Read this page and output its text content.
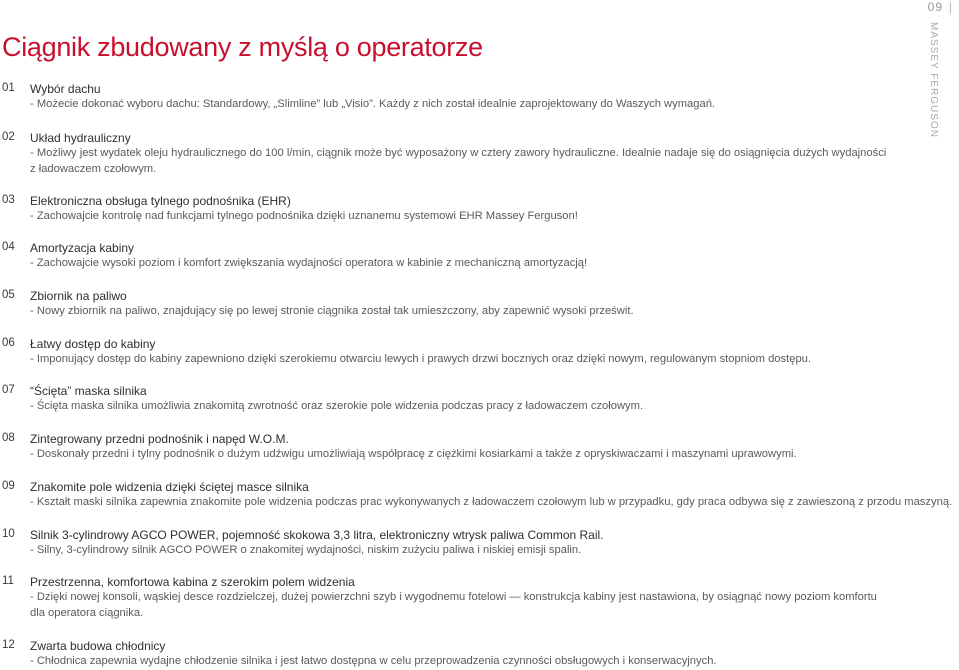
09
MASSEY FERGUSON
Ciągnik zbudowany z myślą o operatorze
01 Wybór dachu
- Możecie dokonać wyboru dachu: Standardowy, „Slimline” lub „Visio”. Każdy z nich został idealnie zaprojektowany do Waszych wymagań.
02 Układ hydrauliczny
- Możliwy jest wydatek oleju hydraulicznego do 100 l/min, ciągnik może być wyposażony w cztery zawory hydrauliczne. Idealnie nadaje się do osiągnięcia dużych wydajności z ładowaczem czołowym.
03 Elektroniczna obsługa tylnego podnośnika (EHR)
- Zachowajcie kontrolę nad funkcjami tylnego podnośnika dzięki uznanemu systemowi EHR Massey Ferguson!
04 Amortyzacja kabiny
- Zachowajcie wysoki poziom i komfort zwiększania wydajności operatora w kabinie z mechaniczną amortyzacją!
05 Zbiornik na paliwo
- Nowy zbiornik na paliwo, znajdujący się po lewej stronie ciągnika został tak umieszczony, aby zapewnić wysoki prześwit.
06 Łatwy dostęp do kabiny
- Imponujący dostęp do kabiny zapewniono dzięki szerokiemu otwarciu lewych i prawych drzwi bocznych oraz dzięki nowym, regulowanym stopniom dostępu.
07 “Ścięta” maska silnika
- Ścięta maska silnika umożliwia znakomitą zwrotność oraz szerokie pole widzenia podczas pracy z ładowaczem czołowym.
08 Zintegrowany przedni podnośnik i napęd W.O.M.
- Doskonały przedni i tylny podnośnik o dużym udźwigu umożliwiają współpracę z ciężkimi kosiarkami a także z opryskiwaczami i maszynami uprawowymi.
09 Znakomite pole widzenia dzięki ściętej masce silnika
- Kształt maski silnika zapewnia znakomite pole widzenia podczas prac wykonywanych z ładowaczem czołowym lub w przypadku, gdy praca odbywa się z zawieszoną z przodu maszyną.
10 Silnik 3-cylindrowy AGCO POWER, pojemność skokowa 3,3 litra, elektroniczny wtrysk paliwa Common Rail.
- Silny, 3-cylindrowy silnik AGCO POWER o znakomitej wydajności, niskim zużyciu paliwa i niskiej emisji spalin.
11 Przestrzenna, komfortowa kabina z szerokim polem widzenia
- Dzięki nowej konsoli, wąskiej desce rozdzielczej, dużej powierzchni szyb i wygodnemu fotelowi — konstrukcja kabiny jest nastawiona, by osiągnąć nowy poziom komfortu dla operatora ciągnika.
12 Zwarta budowa chłodnicy
- Chłodnica zapewnia wydajne chłodzenie silnika i jest łatwo dostępna w celu przeprowadzenia czynności obsługowych i konserwacyjnych.
